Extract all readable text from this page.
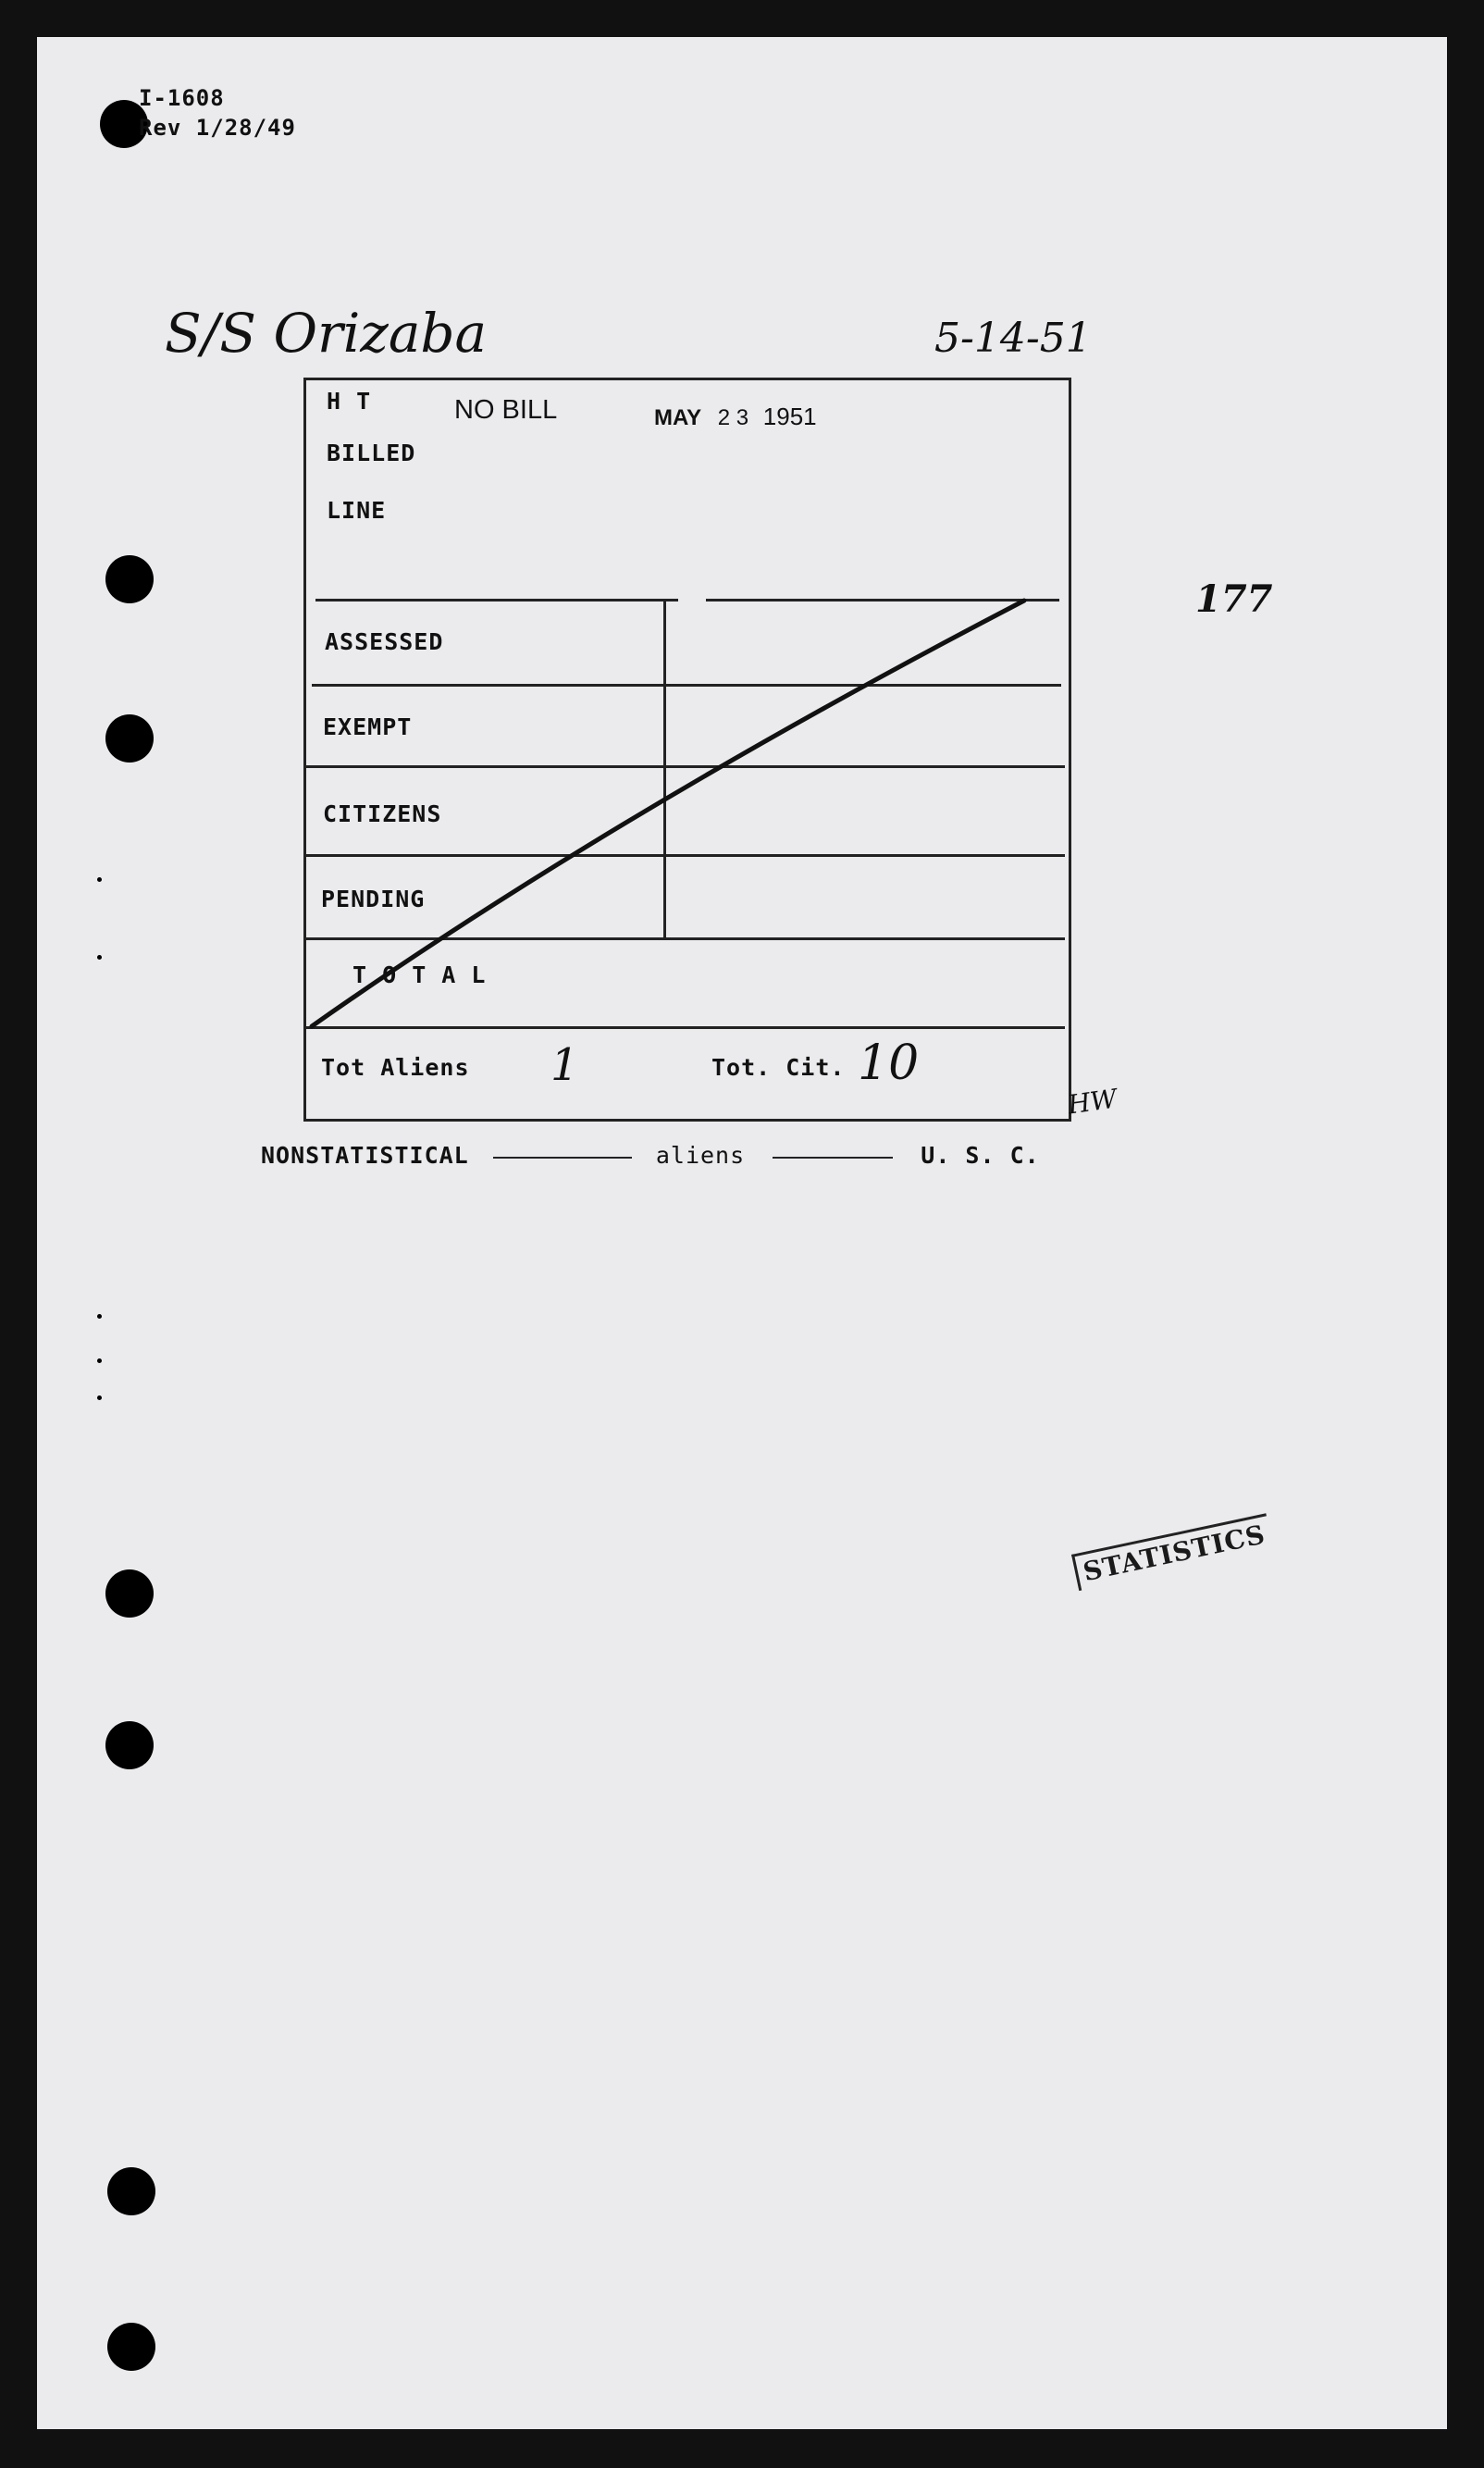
I-1608
Rev 1/28/49
S/S Orizaba	5-14-51
177
H T	NO BILL	MAY 2 3 1951
BILLED
LINE
ASSESSED
EXEMPT
CITIZENS
PENDING
T O T A L
Tot Aliens 1	Tot. Cit. 10
HW
NONSTATISTICAL	aliens	U. S. C.
STATISTICS
